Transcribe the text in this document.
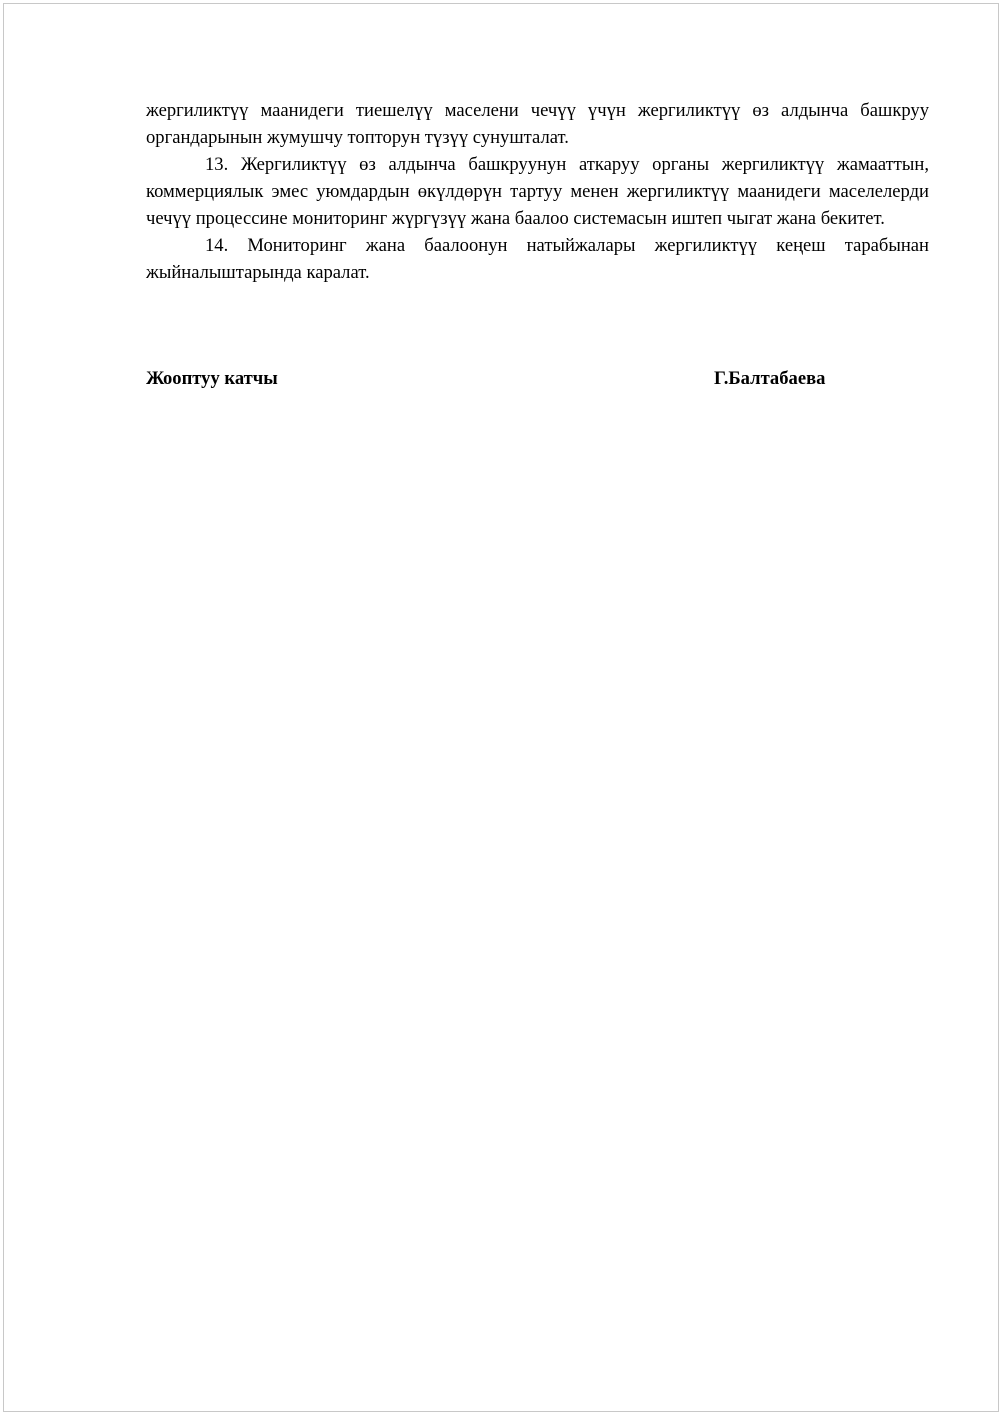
жергиликтүү маанидеги тиешелүү маселени чечүү үчүн жергиликтүү өз алдынча башкруу органдарынын жумушчу топторун түзүү сунушталат.

13. Жергиликтүү өз алдынча башкруунун аткаруу органы жергиликтүү жамааттын, коммерциялык эмес уюмдардын өкүлдөрүн тартуу менен жергиликтүү маанидеги маселелерди чечүү процессине мониторинг жүргүзүү жана баалоо системасын иштеп чыгат жана бекитет.

14. Мониторинг жана баалоонун натыйжалары жергиликтүү кеңеш тарабынан жыйналыштарында каралат.

Жооптуу катчы	Г.Балтабаева
